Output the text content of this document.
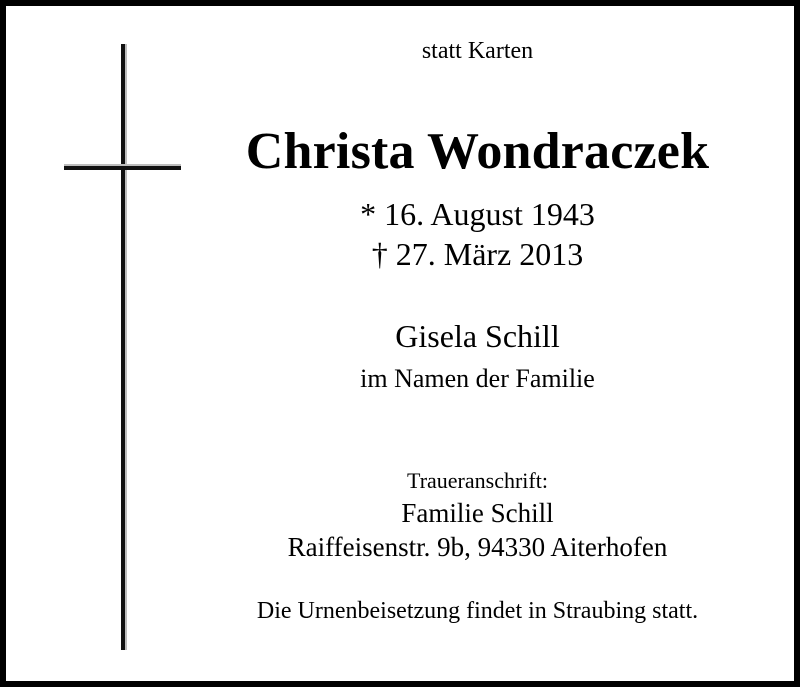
statt Karten
Christa Wondraczek
* 16. August 1943
† 27. März 2013
Gisela Schill
im Namen der Familie
Traueranschrift:
Familie Schill
Raiffeisenstr. 9b, 94330 Aiterhofen
Die Urnenbeisetzung findet in Straubing statt.
